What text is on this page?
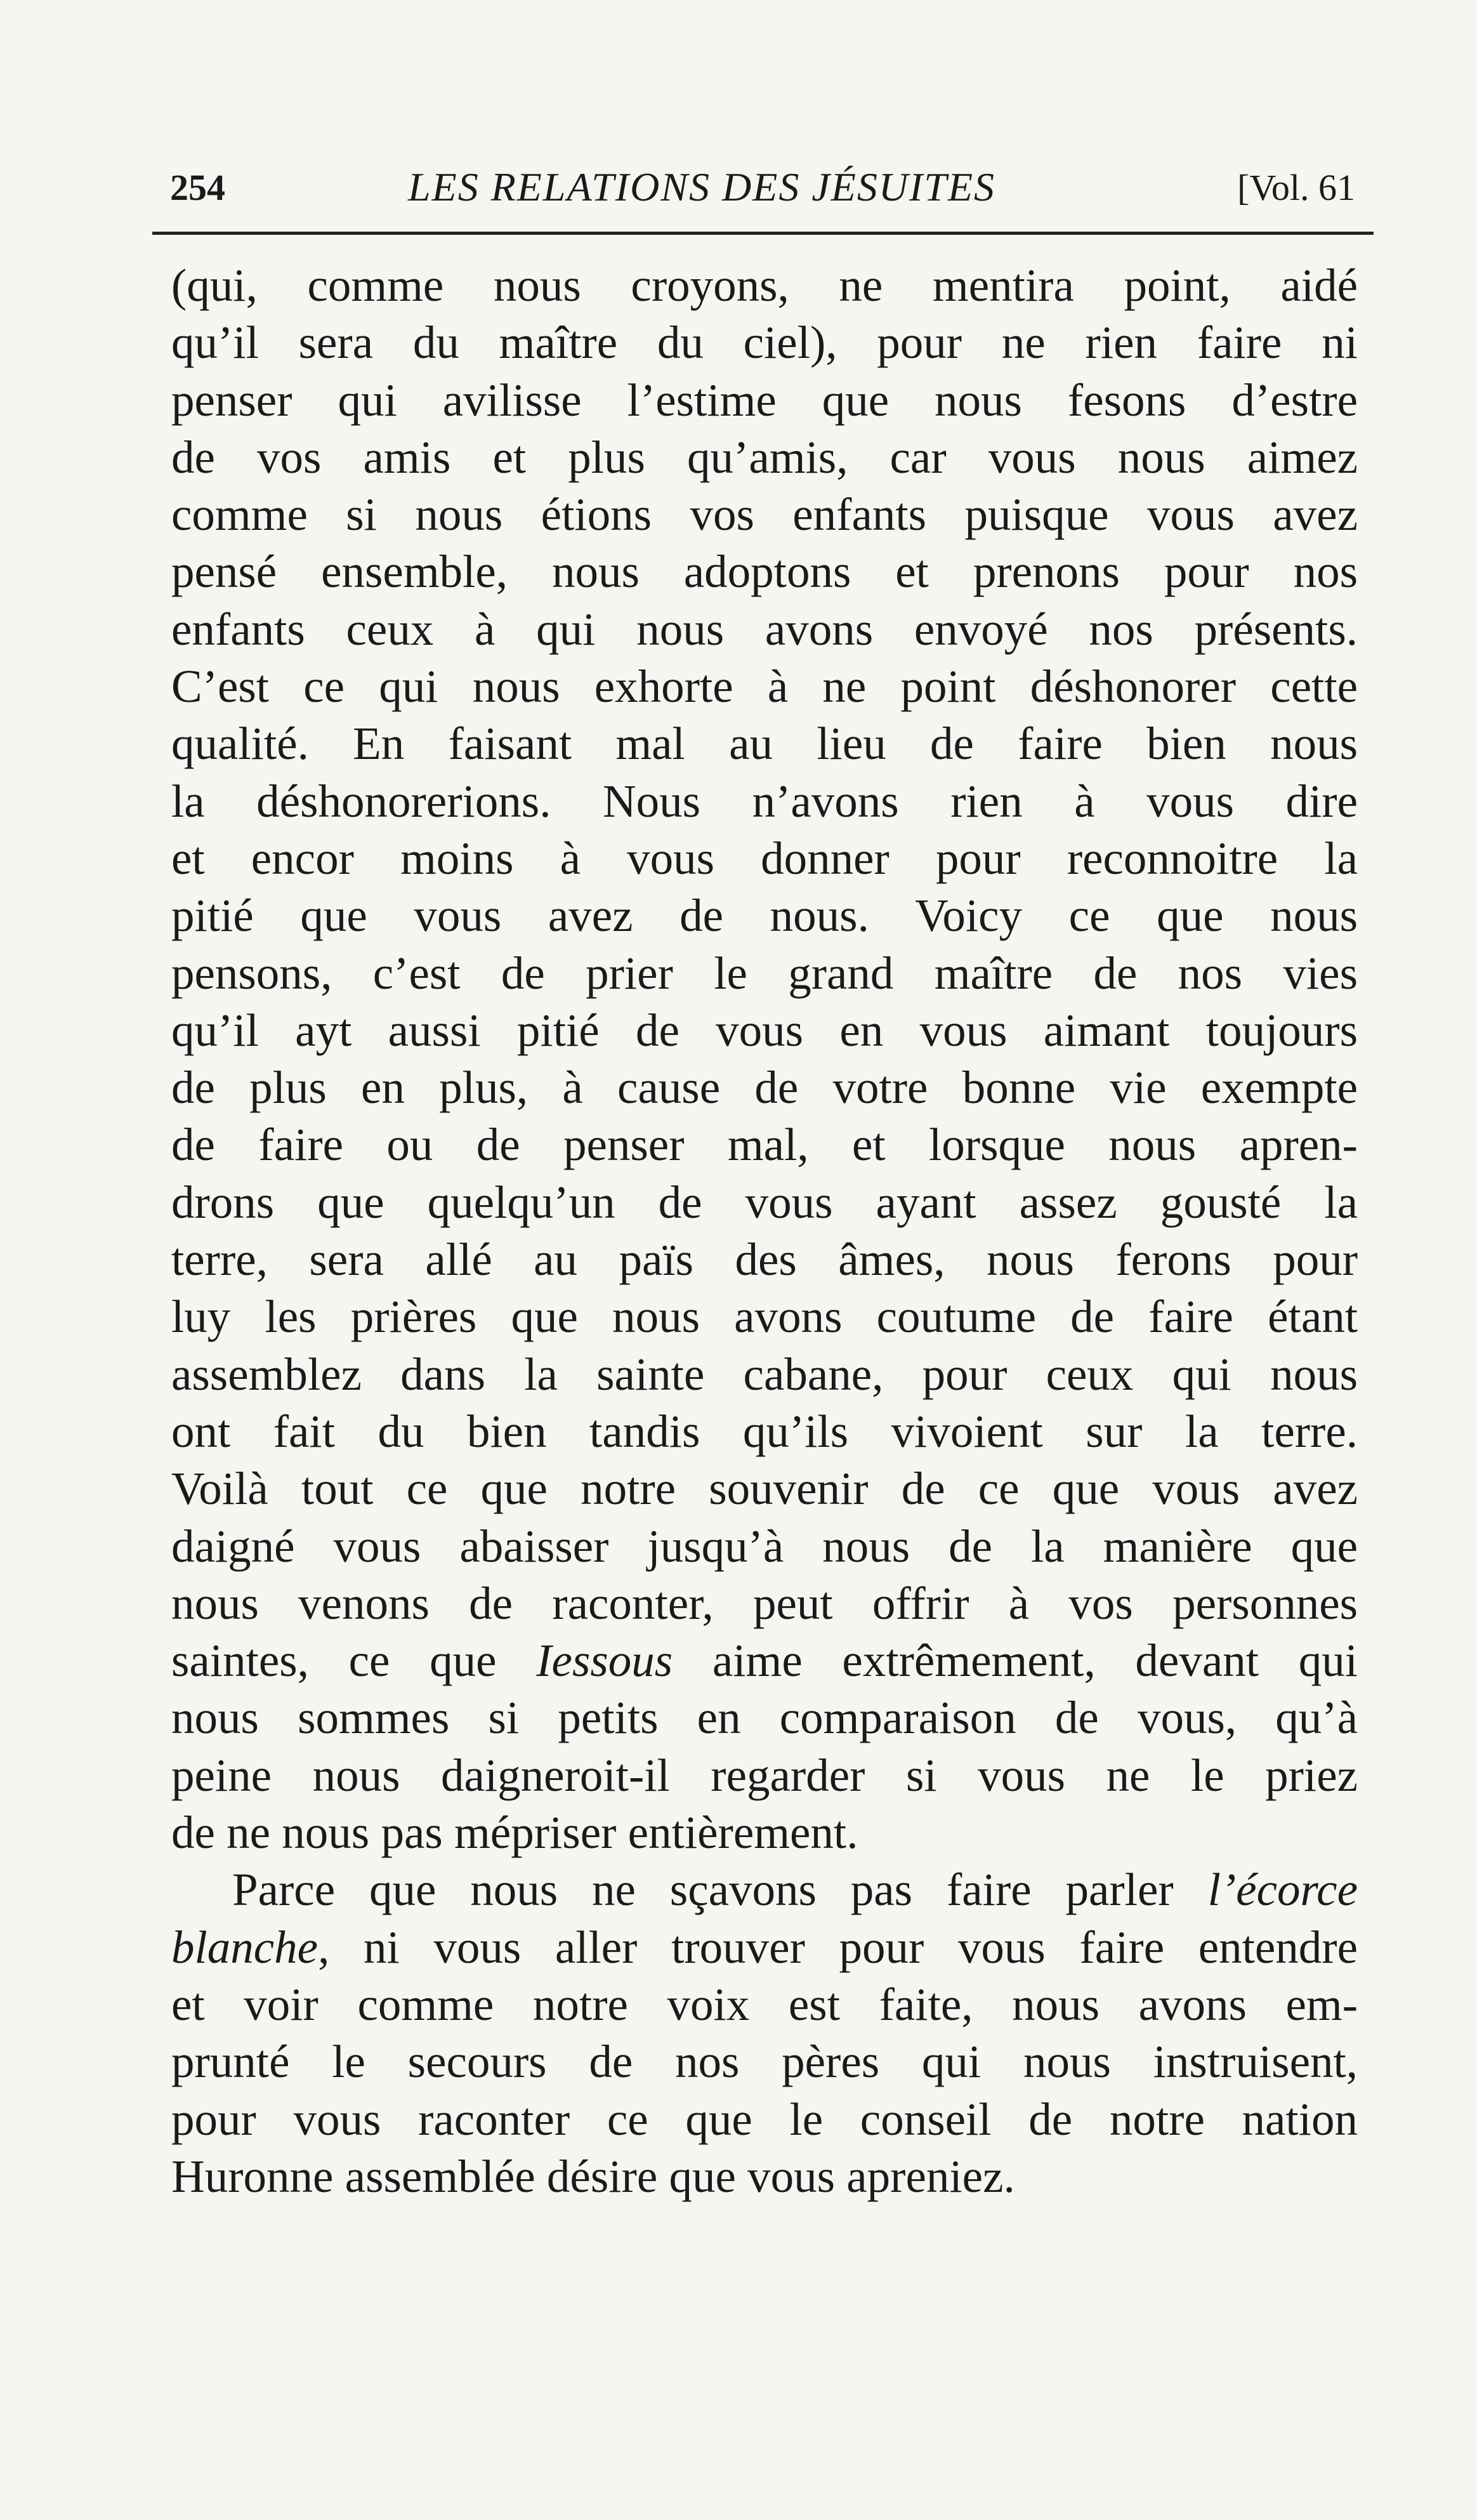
254	LES RELATIONS DES JÉSUITES	[Vol. 61
(qui, comme nous croyons, ne mentira point, aidé
qu’il sera du maître du ciel), pour ne rien faire ni
penser qui avilisse l’estime que nous fesons d’estre
de vos amis et plus qu’amis, car vous nous aimez
comme si nous étions vos enfants puisque vous avez
pensé ensemble, nous adoptons et prenons pour nos
enfants ceux à qui nous avons envoyé nos présents.
C’est ce qui nous exhorte à ne point déshonorer cette
qualité. En faisant mal au lieu de faire bien nous
la déshonorerions. Nous n’avons rien à vous dire
et encor moins à vous donner pour reconnoitre la
pitié que vous avez de nous. Voicy ce que nous
pensons, c’est de prier le grand maître de nos vies
qu’il ayt aussi pitié de vous en vous aimant toujours
de plus en plus, à cause de votre bonne vie exempte
de faire ou de penser mal, et lorsque nous apren-
drons que quelqu’un de vous ayant assez gousté la
terre, sera allé au païs des âmes, nous ferons pour
luy les prières que nous avons coutume de faire étant
assemblez dans la sainte cabane, pour ceux qui nous
ont fait du bien tandis qu’ils vivoient sur la terre.
Voilà tout ce que notre souvenir de ce que vous avez
daigné vous abaisser jusqu’à nous de la manière que
nous venons de raconter, peut offrir à vos personnes
saintes, ce que Iessous aime extrêmement, devant qui
nous sommes si petits en comparaison de vous, qu’à
peine nous daigneroit-il regarder si vous ne le priez
de ne nous pas mépriser entièrement.
Parce que nous ne sçavons pas faire parler l’écorce
blanche, ni vous aller trouver pour vous faire entendre
et voir comme notre voix est faite, nous avons em-
prunté le secours de nos pères qui nous instruisent,
pour vous raconter ce que le conseil de notre nation
Huronne assemblée désire que vous apreniez.
